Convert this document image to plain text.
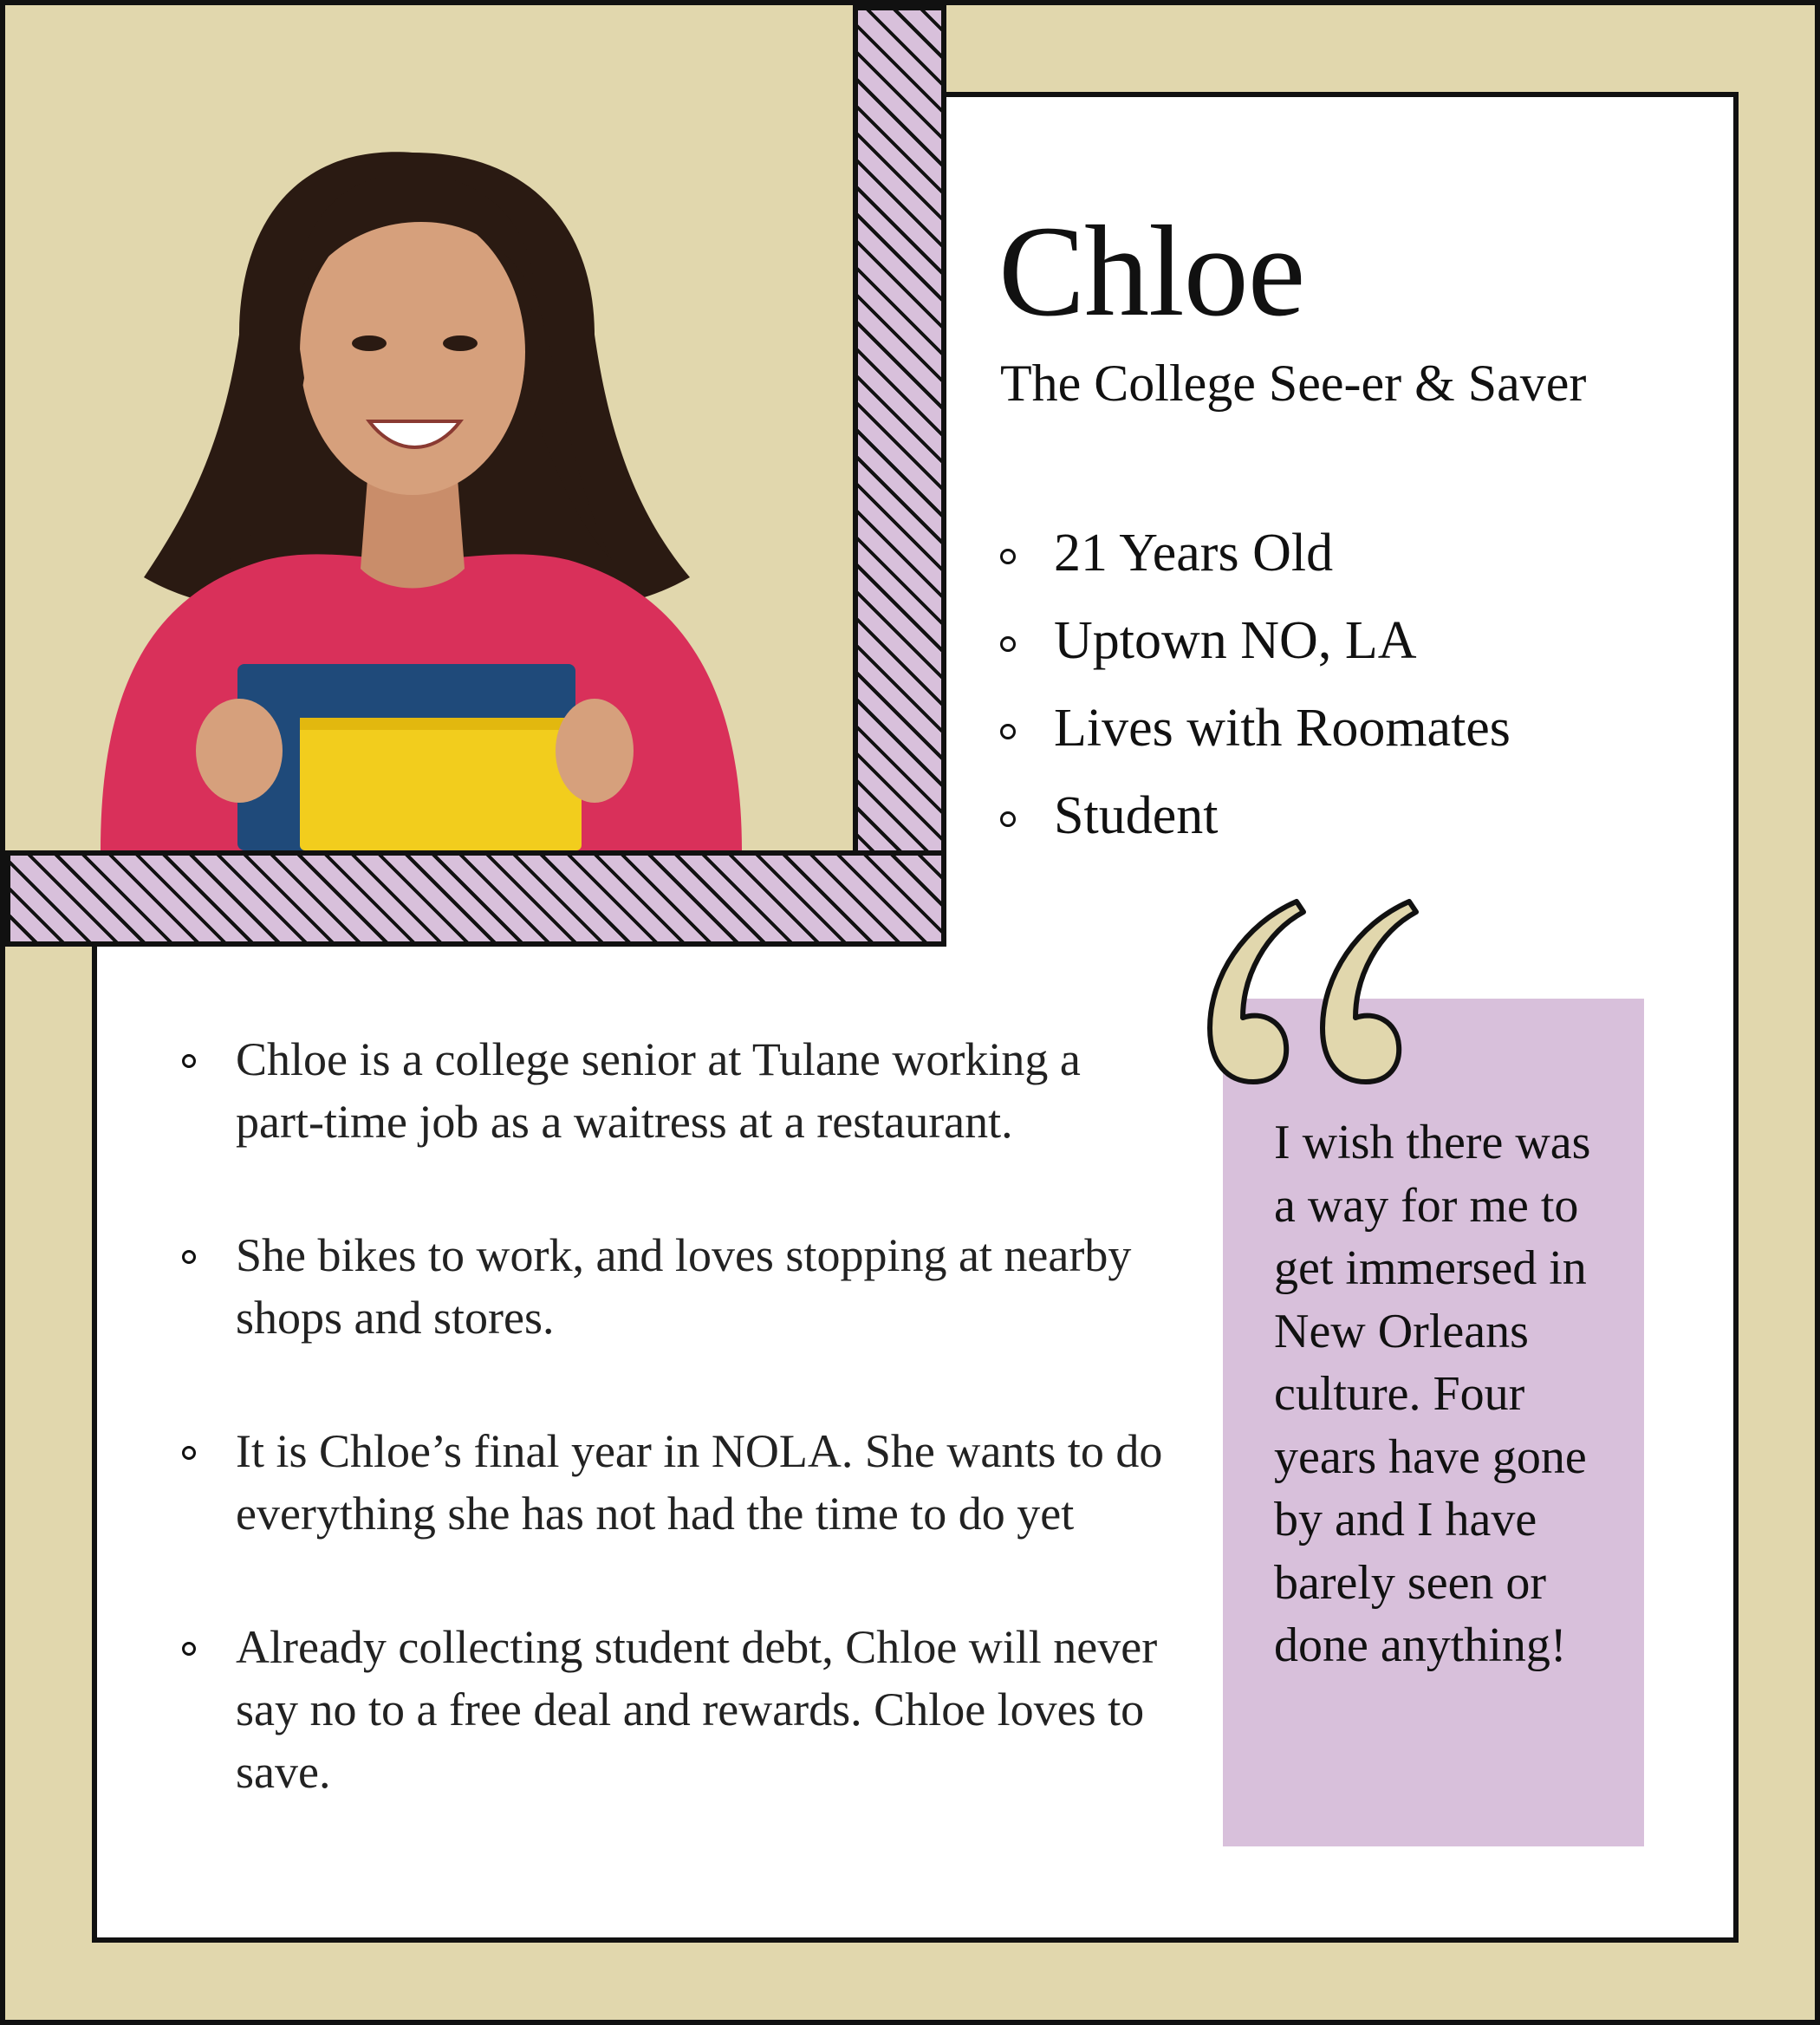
Chloe
The College See-er & Saver
21 Years Old
Uptown NO, LA
Lives with Roomates
Student
Chloe is a college senior at Tulane working a part-time job as a waitress at a restaurant.
She bikes to work, and loves stopping at nearby shops and stores.
It is Chloe’s final year in NOLA. She wants to do everything she has not had the time to do yet
Already collecting student debt, Chloe will never say no to a free deal and rewards. Chloe loves to save.
I wish there was a way for me to get immersed in New Orleans culture. Four years have gone by and I have barely seen or done anything!
